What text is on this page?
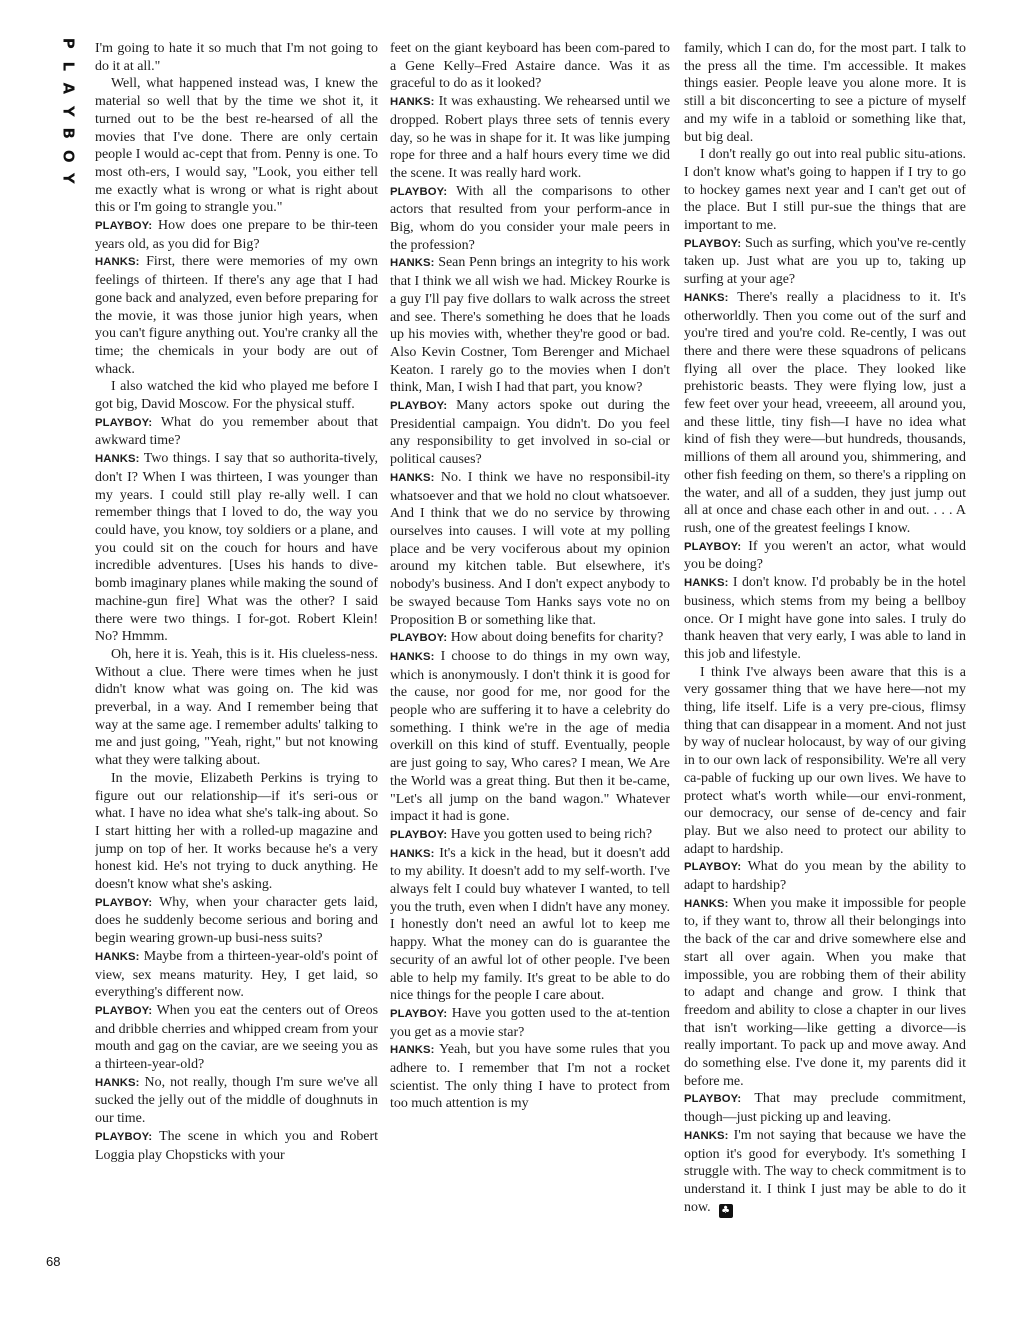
P
L
A
Y
B
O
Y

I'm going to hate it so much that I'm not going to do it at all."

Well, what happened instead was, I knew the material so well that by the time we shot it, it turned out to be the best re-hearsed of all the movies that I've done. There are only certain people I would ac-cept that from. Penny is one. To most oth-ers, I would say, "Look, you either tell me exactly what is wrong or what is right about this or I'm going to strangle you."

PLAYBOY: How does one prepare to be thir-teen years old, as you did for Big?

HANKS: First, there were memories of my own feelings of thirteen. If there's any age that I had gone back and analyzed, even before preparing for the movie, it was those junior high years, when you can't figure anything out. You're cranky all the time; the chemicals in your body are out of whack.

I also watched the kid who played me before I got big, David Moscow. For the physical stuff.

PLAYBOY: What do you remember about that awkward time?

HANKS: Two things. I say that so authorita-tively, don't I? When I was thirteen, I was younger than my years. I could still play re-ally well. I can remember things that I loved to do, the way you could have, you know, toy soldiers or a plane, and you could sit on the couch for hours and have incredible adventures. [Uses his hands to dive-bomb imaginary planes while making the sound of machine-gun fire] What was the other? I said there were two things. I for-got. Robert Klein! No? Hmmm.

Oh, here it is. Yeah, this is it. His clueless-ness. Without a clue. There were times when he just didn't know what was going on. The kid was preverbal, in a way. And I remember being that way at the same age. I remember adults' talking to me and just going, "Yeah, right," but not knowing what they were talking about.

In the movie, Elizabeth Perkins is trying to figure out our relationship—if it's seri-ous or what. I have no idea what she's talk-ing about. So I start hitting her with a rolled-up magazine and jump on top of her. It works because he's a very honest kid. He's not trying to duck anything. He doesn't know what she's asking.

PLAYBOY: Why, when your character gets laid, does he suddenly become serious and boring and begin wearing grown-up busi-ness suits?

HANKS: Maybe from a thirteen-year-old's point of view, sex means maturity. Hey, I get laid, so everything's different now.

PLAYBOY: When you eat the centers out of Oreos and dribble cherries and whipped cream from your mouth and gag on the caviar, are we seeing you as a thirteen-year-old?

HANKS: No, not really, though I'm sure we've all sucked the jelly out of the middle of doughnuts in our time.

PLAYBOY: The scene in which you and Robert Loggia play Chopsticks with your

feet on the giant keyboard has been com-pared to a Gene Kelly–Fred Astaire dance. Was it as graceful to do as it looked?

HANKS: It was exhausting. We rehearsed until we dropped. Robert plays three sets of tennis every day, so he was in shape for it. It was like jumping rope for three and a half hours every time we did the scene. It was really hard work.

PLAYBOY: With all the comparisons to other actors that resulted from your perform-ance in Big, whom do you consider your male peers in the profession?

HANKS: Sean Penn brings an integrity to his work that I think we all wish we had. Mickey Rourke is a guy I'll pay five dollars to walk across the street and see. There's something he does that he loads up his movies with, whether they're good or bad. Also Kevin Costner, Tom Berenger and Michael Keaton. I rarely go to the movies when I don't think, Man, I wish I had that part, you know?

PLAYBOY: Many actors spoke out during the Presidential campaign. You didn't. Do you feel any responsibility to get involved in so-cial or political causes?

HANKS: No. I think we have no responsibil-ity whatsoever and that we hold no clout whatsoever. And I think that we do no service by throwing ourselves into causes. I will vote at my polling place and be very vociferous about my opinion around my kitchen table. But elsewhere, it's nobody's business. And I don't expect anybody to be swayed because Tom Hanks says vote no on Proposition B or something like that.

PLAYBOY: How about doing benefits for charity?

HANKS: I choose to do things in my own way, which is anonymously. I don't think it is good for the cause, nor good for me, nor good for the people who are suffering it to have a celebrity do something. I think we're in the age of media overkill on this kind of stuff. Eventually, people are just going to say, Who cares? I mean, We Are the World was a great thing. But then it be-came, "Let's all jump on the band wagon." Whatever impact it had is gone.

PLAYBOY: Have you gotten used to being rich?

HANKS: It's a kick in the head, but it doesn't add to my ability. It doesn't add to my self-worth. I've always felt I could buy whatever I wanted, to tell you the truth, even when I didn't have any money. I honestly don't need an awful lot to keep me happy. What the money can do is guarantee the security of an awful lot of other people. I've been able to help my family. It's great to be able to do nice things for the people I care about.

PLAYBOY: Have you gotten used to the at-tention you get as a movie star?

HANKS: Yeah, but you have some rules that you adhere to. I remember that I'm not a rocket scientist. The only thing I have to protect from too much attention is my

family, which I can do, for the most part. I talk to the press all the time. I'm accessible. It makes things easier. People leave you alone more. It is still a bit disconcerting to see a picture of myself and my wife in a tabloid or something like that, but big deal.

I don't really go out into real public situ-ations. I don't know what's going to happen if I try to go to hockey games next year and I can't get out of the place. But I still pur-sue the things that are important to me.

PLAYBOY: Such as surfing, which you've re-cently taken up. Just what are you up to, taking up surfing at your age?

HANKS: There's really a placidness to it. It's otherworldly. Then you come out of the surf and you're tired and you're cold. Re-cently, I was out there and there were these squadrons of pelicans flying all over the place. They looked like prehistoric beasts. They were flying low, just a few feet over your head, vreeeem, all around you, and these little, tiny fish—I have no idea what kind of fish they were—but hundreds, thousands, millions of them all around you, shimmering, and other fish feeding on them, so there's a rippling on the water, and all of a sudden, they just jump out all at once and chase each other in and out. . . . A rush, one of the greatest feelings I know.

PLAYBOY: If you weren't an actor, what would you be doing?

HANKS: I don't know. I'd probably be in the hotel business, which stems from my being a bellboy once. Or I might have gone into sales. I truly do thank heaven that very early, I was able to land in this job and lifestyle.

I think I've always been aware that this is a very gossamer thing that we have here—not my thing, life itself. Life is a very pre-cious, flimsy thing that can disappear in a moment. And not just by way of nuclear holocaust, by way of our giving in to our own lack of responsibility. We're all very ca-pable of fucking up our own lives. We have to protect what's worth while—our envi-ronment, our democracy, our sense of de-cency and fair play. But we also need to protect our ability to adapt to hardship.

PLAYBOY: What do you mean by the ability to adapt to hardship?

HANKS: When you make it impossible for people to, if they want to, throw all their belongings into the back of the car and drive somewhere else and start all over again. When you make that impossible, you are robbing them of their ability to adapt and change and grow. I think that freedom and ability to close a chapter in our lives that isn't working—like getting a divorce—is really important. To pack up and move away. And do something else. I've done it, my parents did it before me.

PLAYBOY: That may preclude commitment, though—just picking up and leaving.

HANKS: I'm not saying that because we have the option it's good for everybody. It's something I struggle with. The way to check commitment is to understand it. I think I just may be able to do it now. ♣

68
